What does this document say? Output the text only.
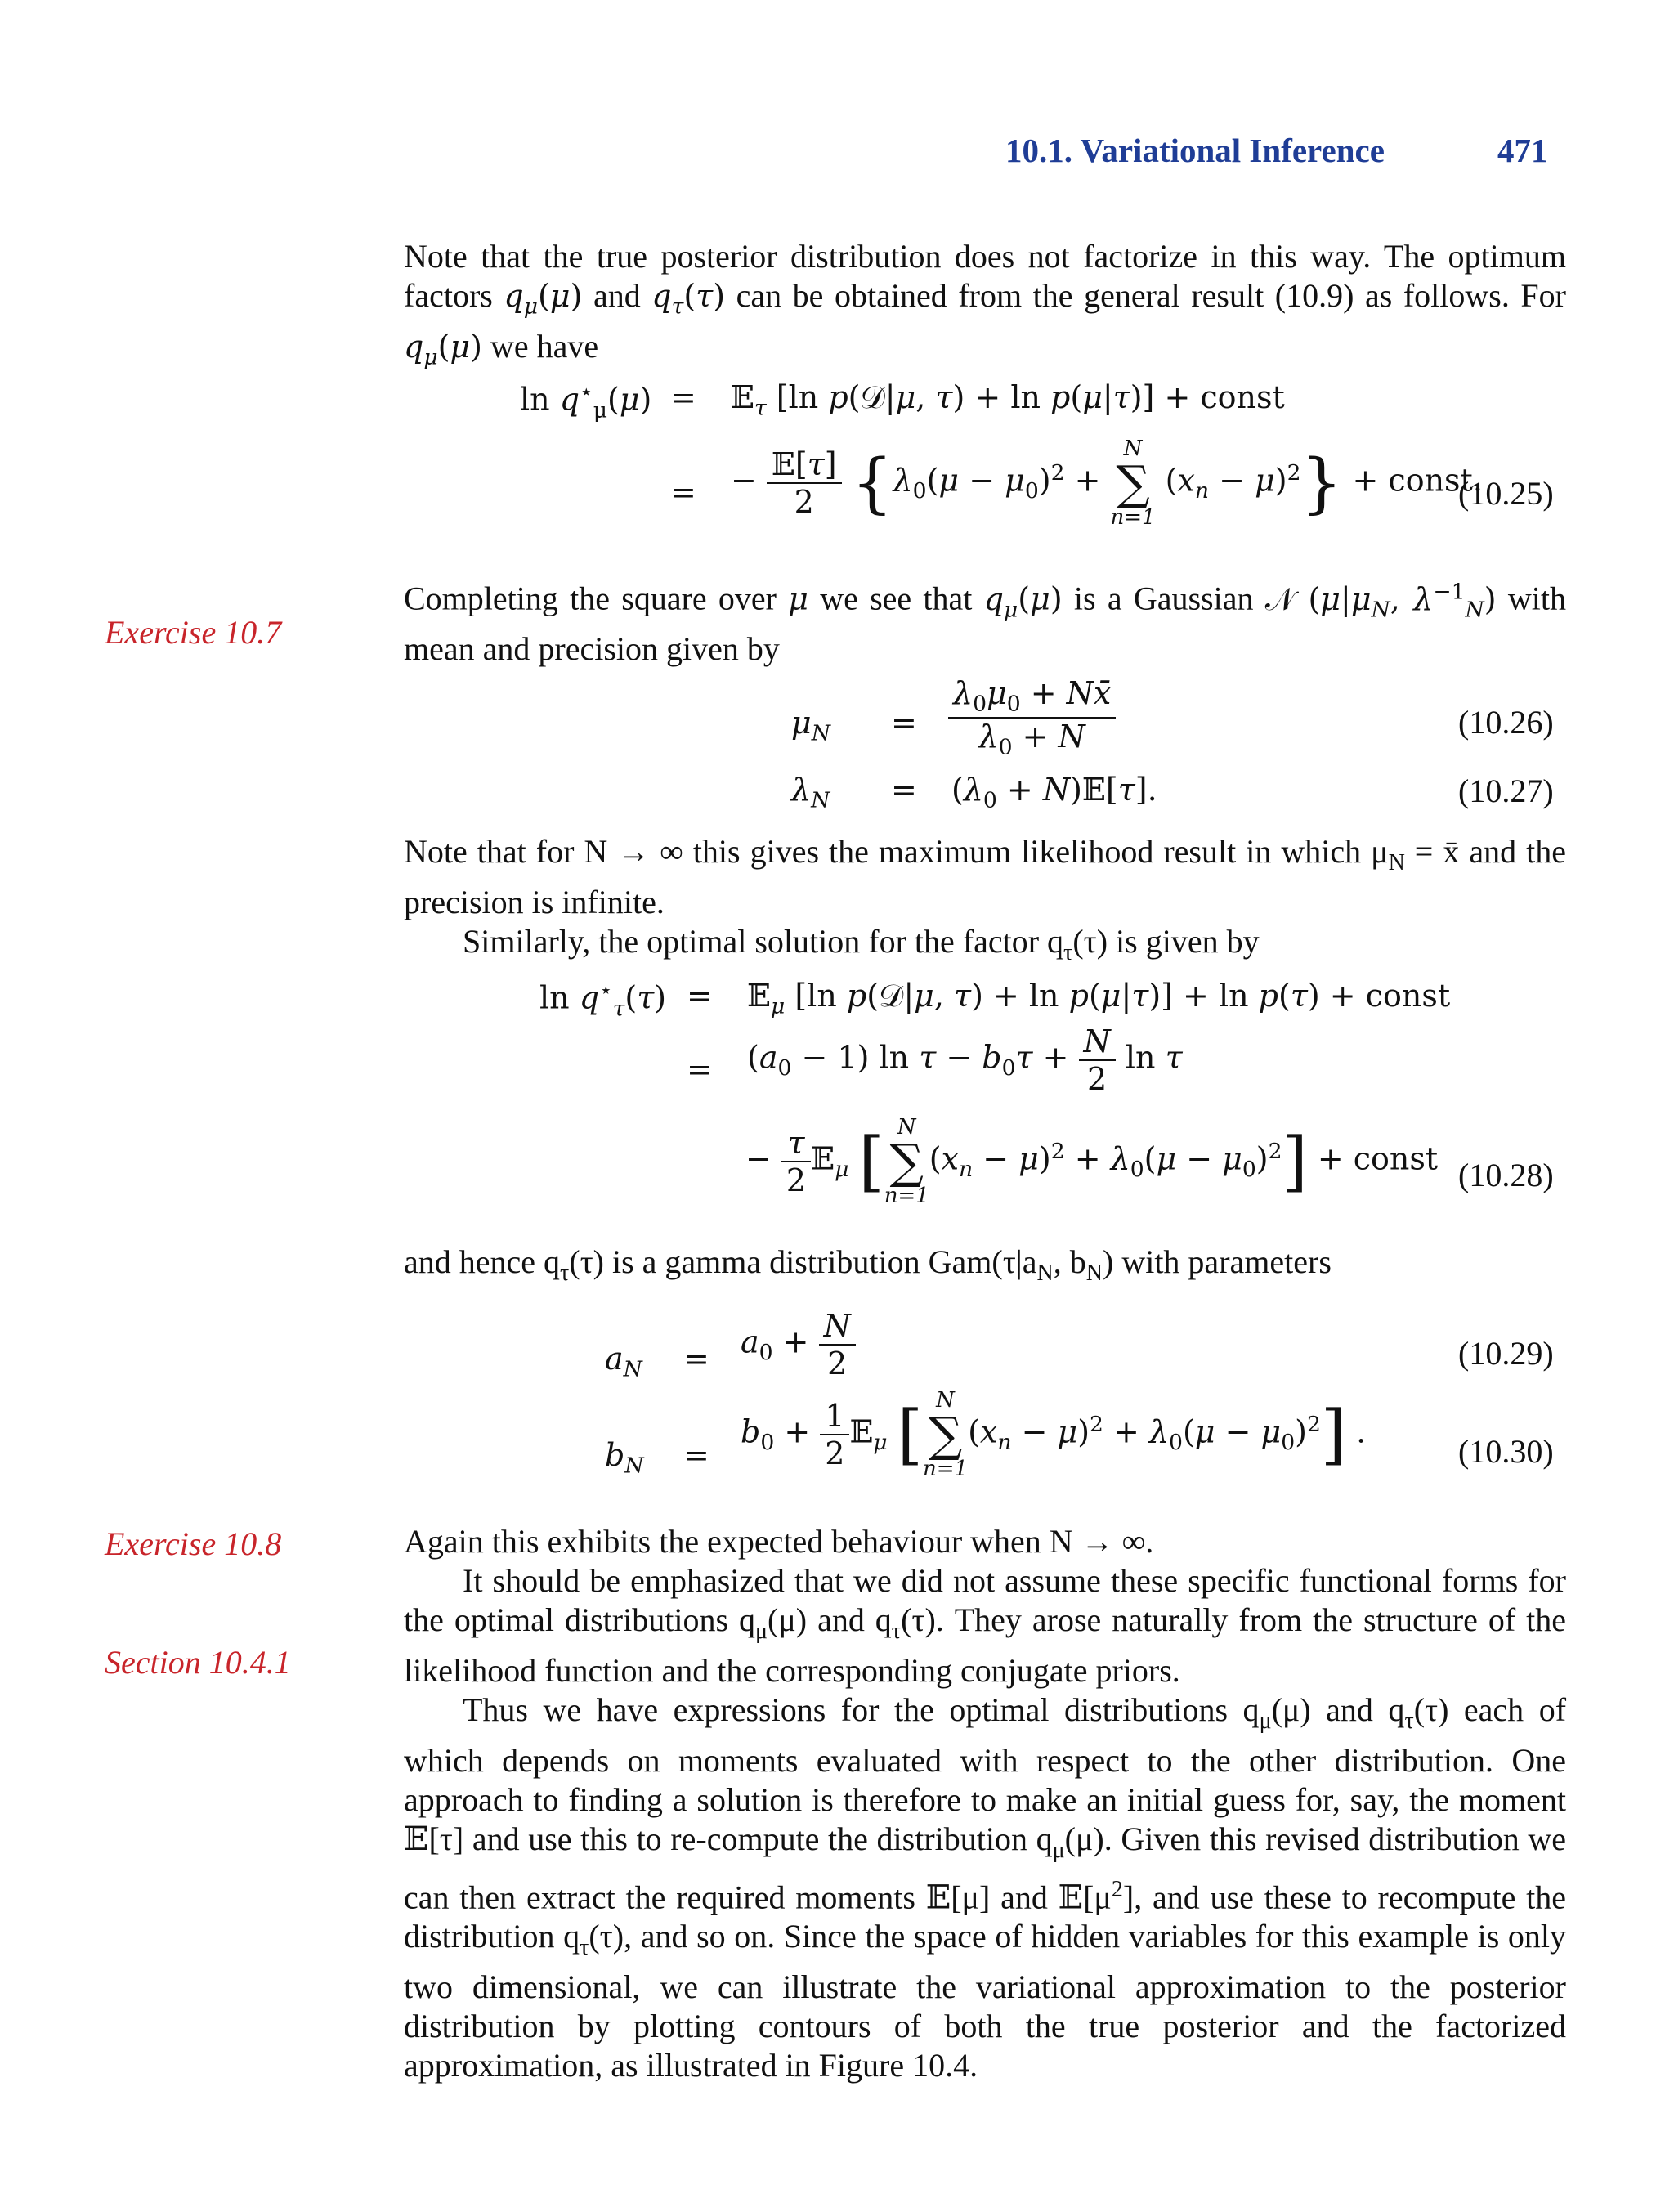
10.1. Variational Inference	471
Exercise 10.7
Exercise 10.8
Section 10.4.1

Note that the true posterior distribution does not factorize in this way. The optimum factors $q_\mu(\mu)$ and $q_\tau(\tau)$ can be obtained from the general result (10.9) as follows. For $q_\mu(\mu)$ we have

$\ln q^⋆_\mu(\mu)$ = 𝔼$_\tau$ [ln p(𝒟|μ, τ) + ln p(μ|τ)] + const
= − $\frac{\text{𝔼[τ]}}{2} \{\lambda_0(\mu - \mu_0)^2$ +
N
∑
n=1
$(x_n - \mu)^2$} + const.
(10.25)

Completing the square over μ we see that $q_\mu(\mu)$ is a Gaussian 𝒩 ($\mu|\mu_N$, $\lambda^{-1}_N$) with mean and precision given by

$\mu_N = \frac{\lambda_0\mu_0 + Nx̄}{\lambda_0 + N}$	(10.26)
$\lambda_N = (\lambda_0$ + N)𝔼[τ].	(10.27)

Note that for N → ∞ this gives the maximum likelihood result in which $\mu_N$ = x̄ and the precision is infinite.

Similarly, the optimal solution for the factor $q_\tau(\tau)$ is given by

$\ln q^⋆_\tau(\tau)$ = 𝔼$_\mu$ [ln p(𝒟|μ, τ) + ln p(μ|τ)] + ln p(τ) + const
= $(a_0 - 1)$ $\ln \tau - b_0\tau + \frac{N}{2}$ ln τ
− $\frac{\tau}{2}$ 𝔼$_\mu$ [ N
∑
n=1
$(x_n - \mu)^2 + \lambda_0(\mu - \mu_0)^2$] + const (10.28)

and hence $q_\tau(\tau)$ is a gamma distribution $Gam(\tau|a_N$, $b_N$) with parameters

$a_N = a_0 + \frac{N}{2}$	(10.29)
$b_N$ =
$b_0 + \frac{1}{2}$ 𝔼$_\mu$ [ N
∑
n=1
$(x_n - \mu)^2 + \lambda_0(\mu - \mu_0)^2$] .
(10.30)

Again this exhibits the expected behaviour when N → ∞.

It should be emphasized that we did not assume these specific functional forms for the optimal distributions $q_\mu(\mu)$ and $q_\tau(\tau)$. They arose naturally from the structure of the likelihood function and the corresponding conjugate priors.

Thus we have expressions for the optimal distributions $q_\mu(\mu)$ and $q_\tau(\tau)$ each of which depends on moments evaluated with respect to the other distribution. One approach to finding a solution is therefore to make an initial guess for, say, the moment 𝔼[τ] and use this to re-compute the distribution $q_\mu(\mu)$. Given this revised distribution we can then extract the required moments 𝔼[μ] and $𝔼[\mu^2]$, and use these to recompute the distribution $q_\tau(\tau)$, and so on. Since the space of hidden variables for this example is only two dimensional, we can illustrate the variational approximation to the posterior distribution by plotting contours of both the true posterior and the factorized approximation, as illustrated in Figure 10.4.
